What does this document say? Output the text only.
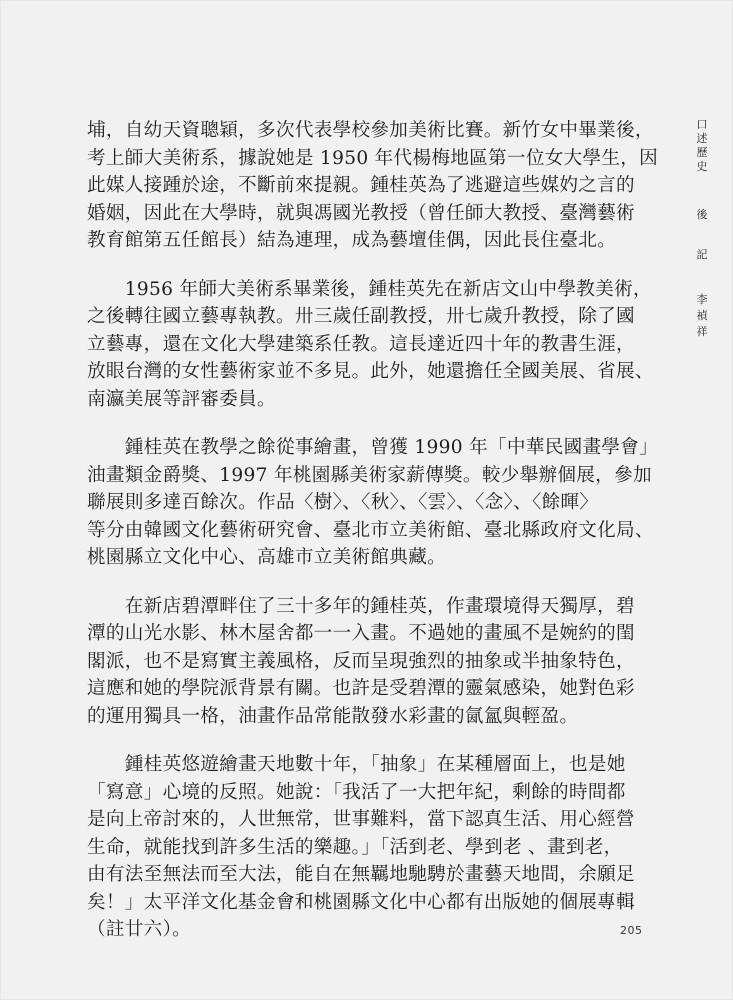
埔，自幼天資聰穎，多次代表學校參加美術比賽。新竹女中畢業後，
考上師大美術系，據說她是 1950 年代楊梅地區第一位女大學生，因
此媒人接踵於途，不斷前來提親。鍾桂英為了逃避這些媒妁之言的
婚姻，因此在大學時，就與馮國光教授（曾任師大教授、臺灣藝術
教育館第五任館長）結為連理，成為藝壇佳偶，因此長住臺北。

　　1956 年師大美術系畢業後，鍾桂英先在新店文山中學教美術，
之後轉往國立藝專執教。卅三歲任副教授，卅七歲升教授，除了國
立藝專，還在文化大學建築系任教。這長達近四十年的教書生涯，
放眼台灣的女性藝術家並不多見。此外，她還擔任全國美展、省展、
南瀛美展等評審委員。

　　鍾桂英在教學之餘從事繪畫，曾獲 1990 年「中華民國畫學會」
油畫類金爵獎、1997 年桃園縣美術家薪傳獎。較少舉辦個展，參加
聯展則多達百餘次。作品〈樹〉、〈秋〉、〈雲〉、〈念〉、〈餘暉〉
等分由韓國文化藝術研究會、臺北市立美術館、臺北縣政府文化局、
桃園縣立文化中心、高雄市立美術館典藏。

　　在新店碧潭畔住了三十多年的鍾桂英，作畫環境得天獨厚，碧
潭的山光水影、林木屋舍都一一入畫。不過她的畫風不是婉約的閨
閣派，也不是寫實主義風格，反而呈現強烈的抽象或半抽象特色，
這應和她的學院派背景有關。也許是受碧潭的靈氣感染，她對色彩
的運用獨具一格，油畫作品常能散發水彩畫的氤氳與輕盈。

　　鍾桂英悠遊繪畫天地數十年，「抽象」在某種層面上，也是她
「寫意」心境的反照。她說：「我活了一大把年紀，剩餘的時間都
是向上帝討來的，人世無常，世事難料，當下認真生活、用心經營
生命，就能找到許多生活的樂趣。」「活到老、學到老 、畫到老，
由有法至無法而至大法，能自在無羈地馳騁於畫藝天地間，余願足
矣！」太平洋文化基金會和桃園縣文化中心都有出版她的個展專輯
（註廿六）。

口
述
歷
史
後
記
李
禎
祥
205
